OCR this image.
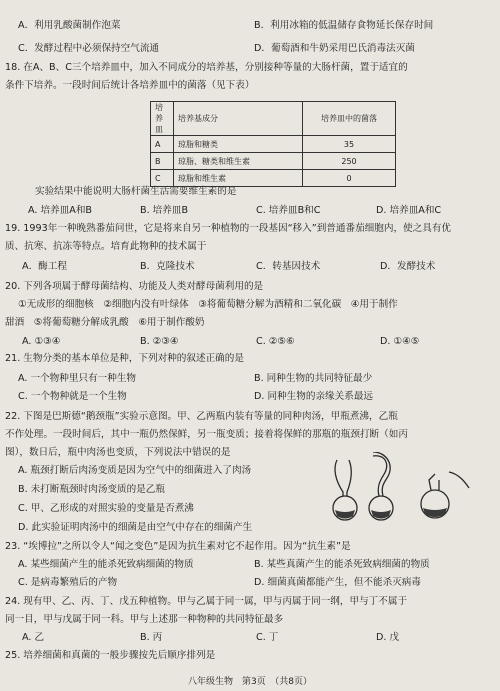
A．利用乳酸菌制作泡菜	B．利用冰箱的低温储存食物延长保存时间
C．发酵过程中必须保持空气流通	D．葡萄酒和牛奶采用巴氏消毒法灭菌
18. 在A、B、C三个培养皿中，加入不同成分的培养基，分别接种等量的大肠杆菌，置于适宜的
条件下培养。一段时间后统计各培养皿中的菌落（见下表）
实验结果中能说明大肠杆菌生活需要维生素的是
19. 1993年一种晚熟番茄问世，它是将来自另一种植物的一段基因“移入”到普通番茄细胞内，使之具有优
质、抗寒、抗冻等特点。培育此物种的技术属于
20. 下列各项属于酵母菌结构、功能及人类对酵母菌利用的是
①无成形的细胞核　②细胞内没有叶绿体　③将葡萄糖分解为酒精和二氧化碳　④用于制作
甜酒　⑤将葡萄糖分解成乳酸　⑥用于制作酸奶
21. 生物分类的基本单位是种，下列对种的叙述正确的是
22. 下图是巴斯德“鹅颈瓶”实验示意图。甲、乙两瓶内装有等量的同种肉汤，甲瓶煮沸，乙瓶
不作处理。一段时间后，其中一瓶仍然保鲜，另一瓶变质；接着将保鲜的那瓶的瓶颈打断（如丙
图），数日后，瓶中肉汤也变质，下列说法中错误的是
A. 瓶颈打断后肉汤变质是因为空气中的细菌进入了肉汤
B. 未打断瓶颈时肉汤变质的是乙瓶
C. 甲、乙形成的对照实验的变量是否煮沸
D. 此实验证明肉汤中的细菌是由空气中存在的细菌产生
23. “埃博拉”之所以令人“闻之变色”是因为抗生素对它不起作用。因为“抗生素”是
A. 某些细菌产生的能杀死致病细菌的物质	B. 某些真菌产生的能杀死致病细菌的物质
C. 是病毒繁殖后的产物	D. 细菌真菌都能产生，但不能杀灭病毒
24. 现有甲、乙、丙、丁、戊五种植物。甲与乙属于同一属，甲与丙属于同一纲，甲与丁不属于
同一目，甲与戊属于同一科。甲与上述那一种物种的共同特征最多
25. 培养细菌和真菌的一般步骤按先后顺序排列是
培养皿	培养基成分	培养皿中的菌落
A	琼脂和糖类	35
B	琼脂、糖类和维生素	250
C	琼脂和维生素	0
A. 培养皿A和B	B. 培养皿B	C. 培养皿B和C	D. 培养皿A和C
A．酶工程	B．克隆技术	C．转基因技术	D．发酵技术
A. ①③④	B. ②③④	C. ②⑤⑥	D. ①④⑤
A. 一个物种里只有一种生物	B. 同种生物的共同特征最少
C. 一个物种就是一个生物	D. 同种生物的亲缘关系最远
A. 乙	B. 丙	C. 丁	D. 戊
八年级生物　第3页　（共8页）
